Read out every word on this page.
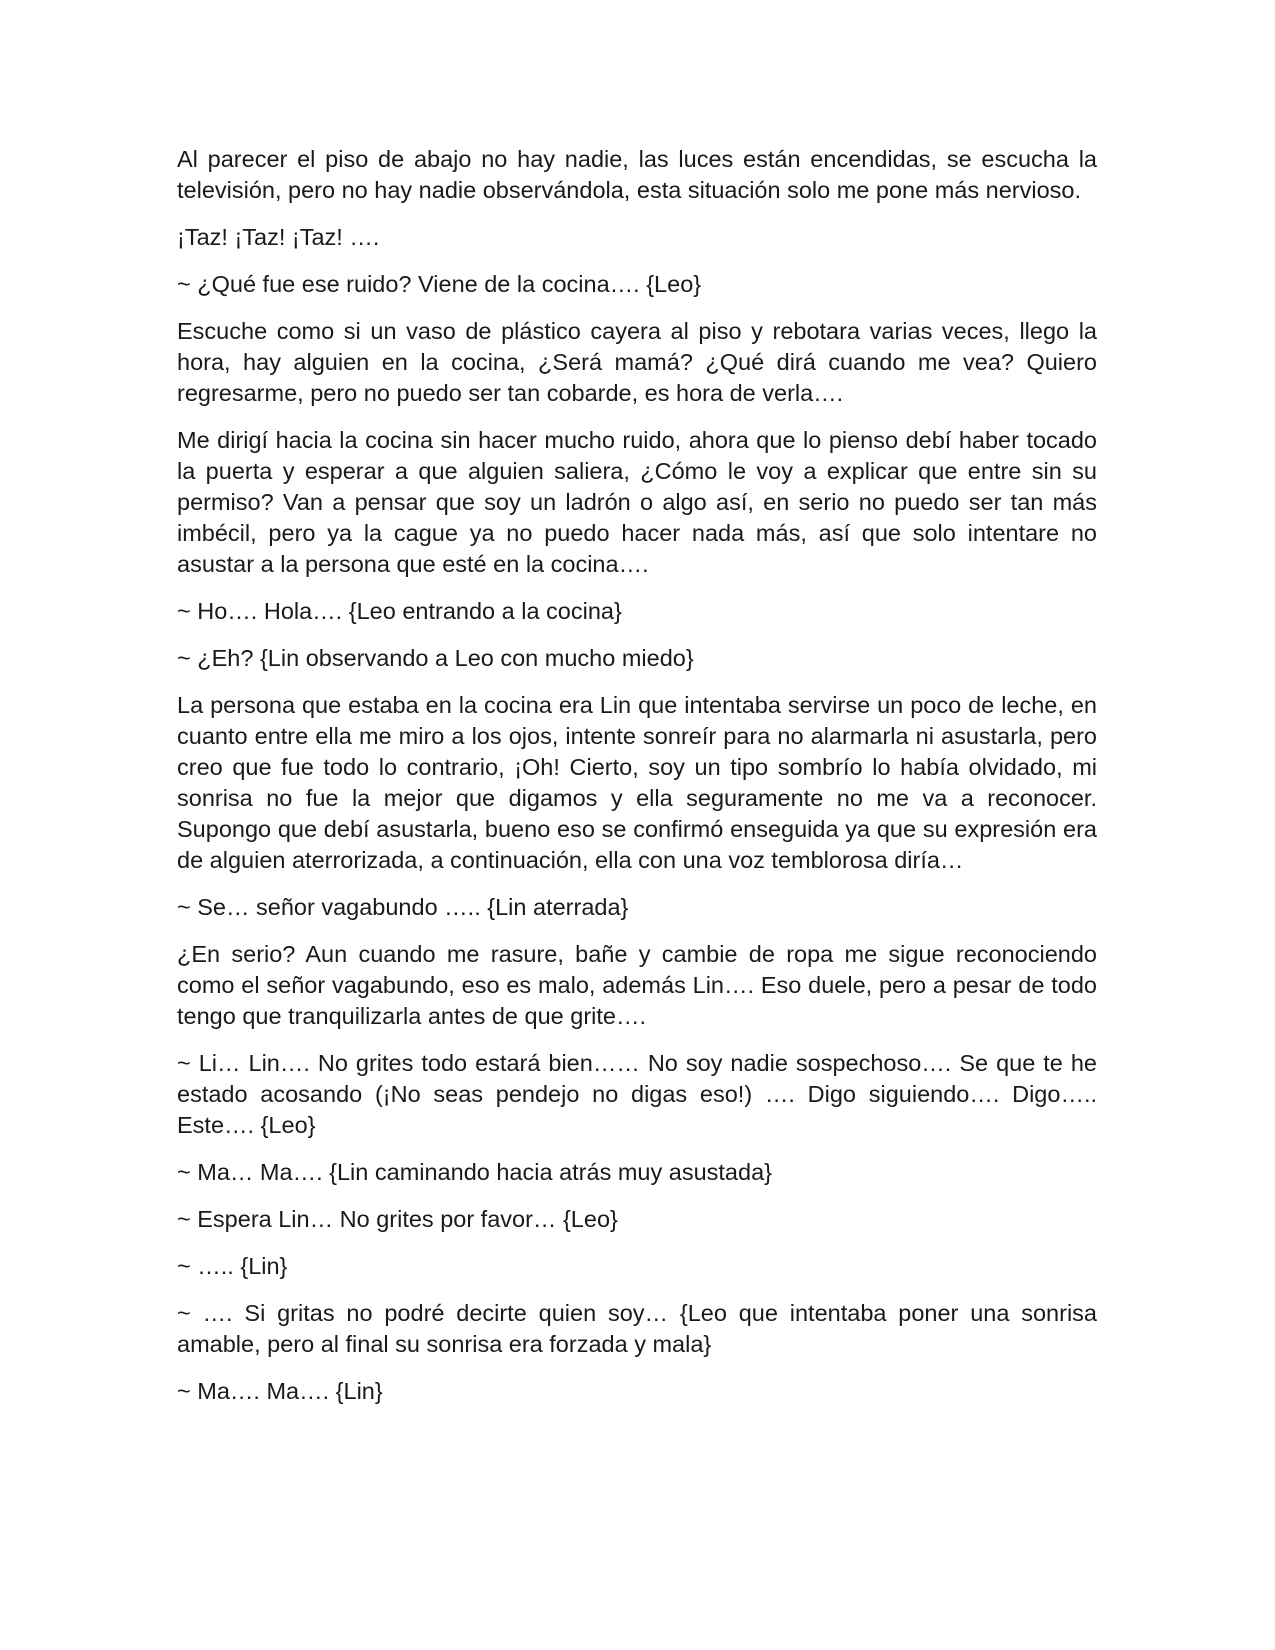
Al parecer el piso de abajo no hay nadie, las luces están encendidas, se escucha la televisión, pero no hay nadie observándola, esta situación solo me pone más nervioso.

¡Taz! ¡Taz! ¡Taz! ….

~ ¿Qué fue ese ruido? Viene de la cocina…. {Leo}

Escuche como si un vaso de plástico cayera al piso y rebotara varias veces, llego la hora, hay alguien en la cocina, ¿Será mamá? ¿Qué dirá cuando me vea? Quiero regresarme, pero no puedo ser tan cobarde, es hora de verla….

Me dirigí hacia la cocina sin hacer mucho ruido, ahora que lo pienso debí haber tocado la puerta y esperar a que alguien saliera, ¿Cómo le voy a explicar que entre sin su permiso? Van a pensar que soy un ladrón o algo así, en serio no puedo ser tan más imbécil, pero ya la cague ya no puedo hacer nada más, así que solo intentare no asustar a la persona que esté en la cocina….

~ Ho…. Hola…. {Leo entrando a la cocina}

~ ¿Eh? {Lin observando a Leo con mucho miedo}

La persona que estaba en la cocina era Lin que intentaba servirse un poco de leche, en cuanto entre ella me miro a los ojos, intente sonreír para no alarmarla ni asustarla, pero creo que fue todo lo contrario, ¡Oh! Cierto, soy un tipo sombrío lo había olvidado, mi sonrisa no fue la mejor que digamos y ella seguramente no me va a reconocer. Supongo que debí asustarla, bueno eso se confirmó enseguida ya que su expresión era de alguien aterrorizada, a continuación, ella con una voz temblorosa diría…

~ Se… señor vagabundo ….. {Lin aterrada}

¿En serio? Aun cuando me rasure, bañe y cambie de ropa me sigue reconociendo como el señor vagabundo, eso es malo, además Lin…. Eso duele, pero a pesar de todo tengo que tranquilizarla antes de que grite….

~ Li… Lin…. No grites todo estará bien…… No soy nadie sospechoso…. Se que te he estado acosando (¡No seas pendejo no digas eso!) …. Digo siguiendo…. Digo….. Este…. {Leo}

~ Ma… Ma…. {Lin caminando hacia atrás muy asustada}

~ Espera Lin… No grites por favor… {Leo}

~ ….. {Lin}

~ …. Si gritas no podré decirte quien soy… {Leo que intentaba poner una sonrisa amable, pero al final su sonrisa era forzada y mala}

~ Ma…. Ma…. {Lin}
